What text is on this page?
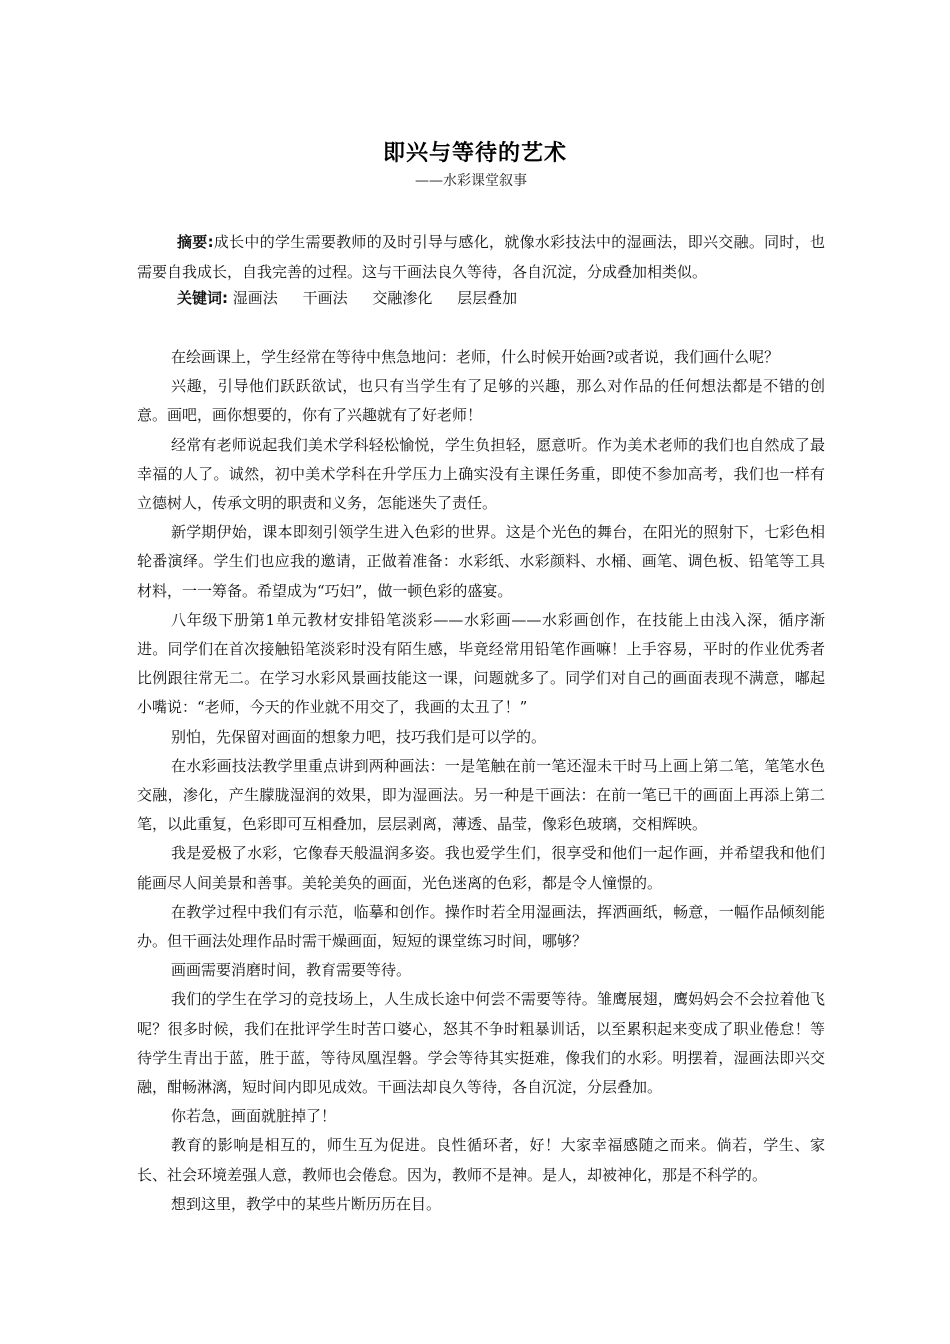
即兴与等待的艺术
——水彩课堂叙事
摘要:成长中的学生需要教师的及时引导与感化，就像水彩技法中的湿画法，即兴交融。同时，也需要自我成长，自我完善的过程。这与干画法良久等待，各自沉淀，分成叠加相类似。
关键词: 湿画法 干画法 交融渗化 层层叠加

在绘画课上，学生经常在等待中焦急地问：老师，什么时候开始画?或者说，我们画什么呢？

兴趣，引导他们跃跃欲试，也只有当学生有了足够的兴趣，那么对作品的任何想法都是不错的创意。画吧，画你想要的，你有了兴趣就有了好老师！

经常有老师说起我们美术学科轻松愉悦，学生负担轻，愿意听。作为美术老师的我们也自然成了最幸福的人了。诚然，初中美术学科在升学压力上确实没有主课任务重，即使不参加高考，我们也一样有立德树人，传承文明的职责和义务，怎能迷失了责任。

新学期伊始，课本即刻引领学生进入色彩的世界。这是个光色的舞台，在阳光的照射下，七彩色相轮番演绎。学生们也应我的邀请，正做着准备：水彩纸、水彩颜料、水桶、画笔、调色板、铅笔等工具材料，一一筹备。希望成为“巧妇”，做一顿色彩的盛宴。

八年级下册第1单元教材安排铅笔淡彩——水彩画——水彩画创作，在技能上由浅入深，循序渐进。同学们在首次接触铅笔淡彩时没有陌生感，毕竟经常用铅笔作画嘛！上手容易，平时的作业优秀者比例跟往常无二。在学习水彩风景画技能这一课，问题就多了。同学们对自己的画面表现不满意，嘟起小嘴说：“老师，今天的作业就不用交了，我画的太丑了！”

别怕，先保留对画面的想象力吧，技巧我们是可以学的。

在水彩画技法教学里重点讲到两种画法：一是笔触在前一笔还湿未干时马上画上第二笔，笔笔水色交融，渗化，产生朦胧湿润的效果，即为湿画法。另一种是干画法：在前一笔已干的画面上再添上第二笔，以此重复，色彩即可互相叠加，层层剥离，薄透、晶莹，像彩色玻璃，交相辉映。

我是爱极了水彩，它像春天般温润多姿。我也爱学生们，很享受和他们一起作画，并希望我和他们能画尽人间美景和善事。美轮美奂的画面，光色迷离的色彩，都是令人憧憬的。

在教学过程中我们有示范，临摹和创作。操作时若全用湿画法，挥洒画纸，畅意，一幅作品倾刻能办。但干画法处理作品时需干燥画面，短短的课堂练习时间，哪够？

画画需要消磨时间，教育需要等待。

我们的学生在学习的竞技场上，人生成长途中何尝不需要等待。雏鹰展翅，鹰妈妈会不会拉着他飞呢？很多时候，我们在批评学生时苦口婆心，怒其不争时粗暴训话，以至累积起来变成了职业倦怠！等待学生青出于蓝，胜于蓝，等待凤凰涅磐。学会等待其实挺难，像我们的水彩。明摆着，湿画法即兴交融，酣畅淋漓，短时间内即见成效。干画法却良久等待，各自沉淀，分层叠加。

你若急，画面就脏掉了！

教育的影响是相互的，师生互为促进。良性循环者，好！大家幸福感随之而来。倘若，学生、家长、社会环境差强人意，教师也会倦怠。因为，教师不是神。是人，却被神化，那是不科学的。

想到这里，教学中的某些片断历历在目。
